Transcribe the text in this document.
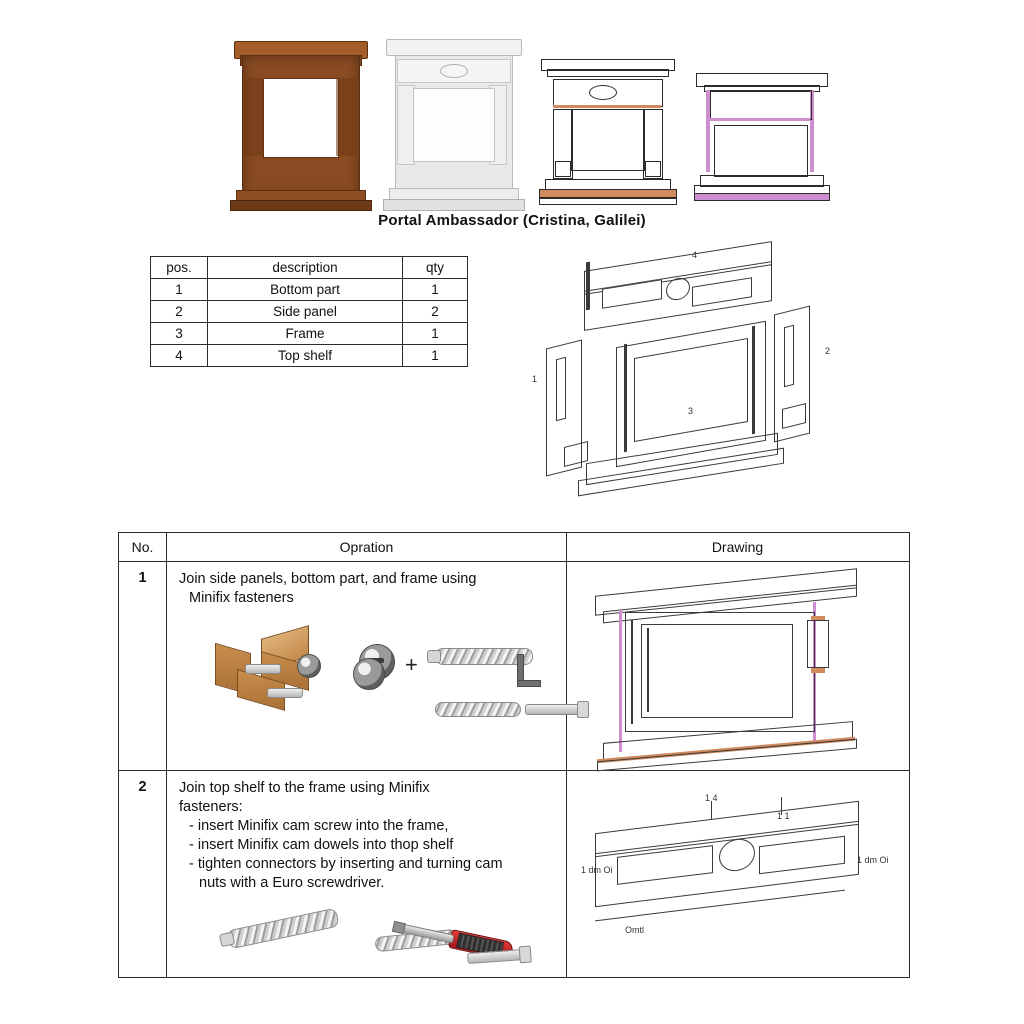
Portal Ambassador (Cristina, Galilei)
pos.	description	qty
1	Bottom part	1
2	Side panel	2
3	Frame	1
4	Top shelf	1
1
2
3
4
No.	Opration	Drawing
1	Join side panels, bottom part, and frame using

Minifix fasteners
+
2	Join top shelf to the frame using Minifix
fasteners:
- insert Minifix cam screw into the frame,
- insert Minifix cam dowels into thop shelf
- tighten connectors by inserting and turning cam
nuts with a Euro screwdriver.
1 4
1 1
1 dm Oi
1 dm Oi
Omtl
